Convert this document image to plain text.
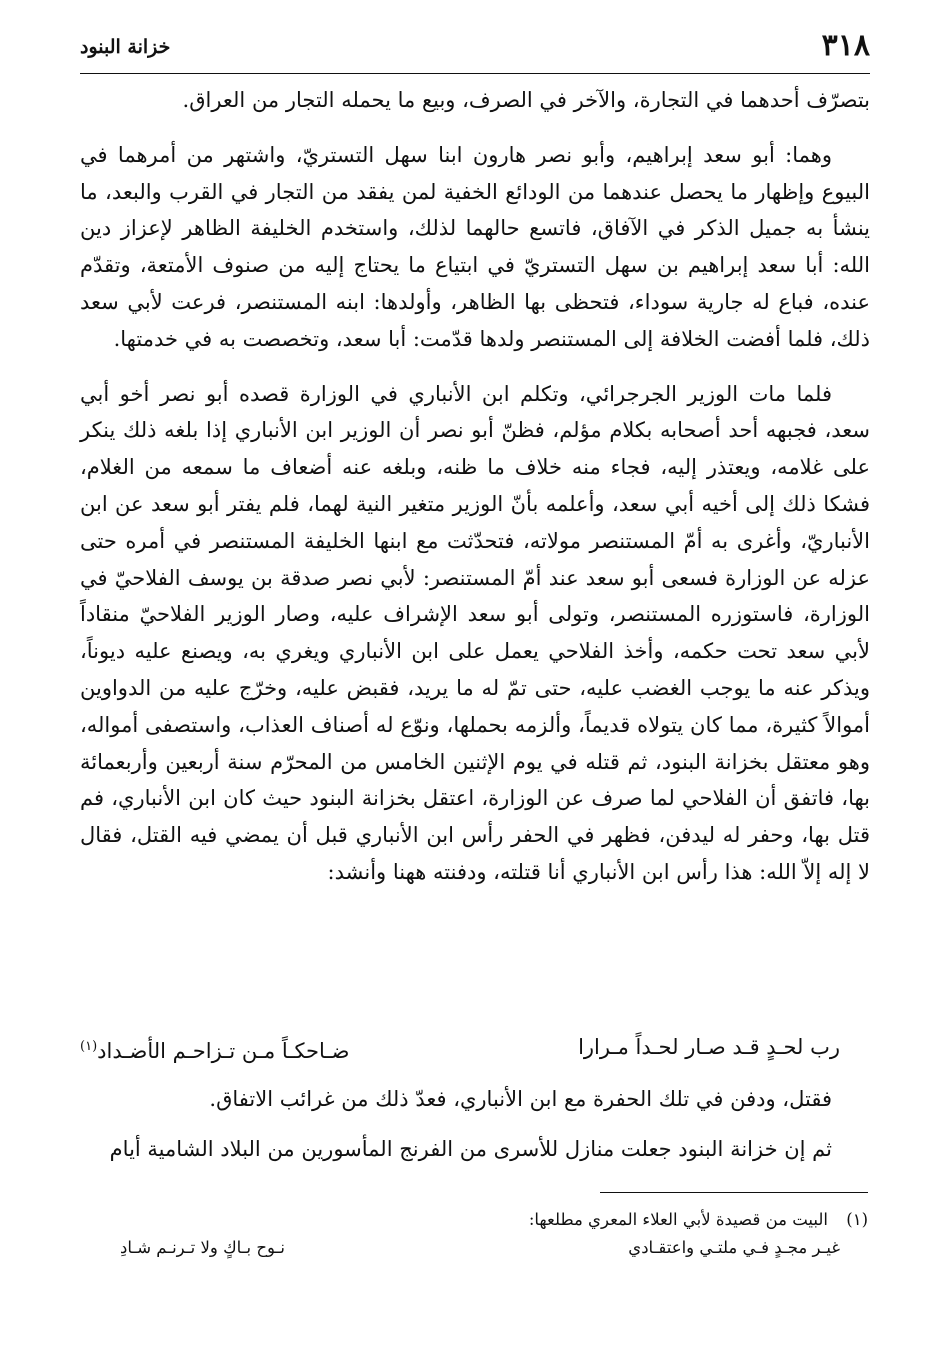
٣١٨
خزانة البنود

بتصرّف أحدهما في التجارة، والآخر في الصرف، وبيع ما يحمله التجار من العراق.

وهما: أبو سعد إبراهيم، وأبو نصر هارون ابنا سهل التستريّ، واشتهر من أمرهما في البيوع وإظهار ما يحصل عندهما من الودائع الخفية لمن يفقد من التجار في القرب والبعد، ما ينشأ به جميل الذكر في الآفاق، فاتسع حالهما لذلك، واستخدم الخليفة الظاهر لإعزاز دين الله: أبا سعد إبراهيم بن سهل التستريّ في ابتياع ما يحتاج إليه من صنوف الأمتعة، وتقدّم عنده، فباع له جارية سوداء، فتحظى بها الظاهر، وأولدها: ابنه المستنصر، فرعت لأبي سعد ذلك، فلما أفضت الخلافة إلى المستنصر ولدها قدّمت: أبا سعد، وتخصصت به في خدمتها.

فلما مات الوزير الجرجرائي، وتكلم ابن الأنباري في الوزارة قصده أبو نصر أخو أبي سعد، فجبهه أحد أصحابه بكلام مؤلم، فظنّ أبو نصر أن الوزير ابن الأنباري إذا بلغه ذلك ينكر على غلامه، ويعتذر إليه، فجاء منه خلاف ما ظنه، وبلغه عنه أضعاف ما سمعه من الغلام، فشكا ذلك إلى أخيه أبي سعد، وأعلمه بأنّ الوزير متغير النية لهما، فلم يفتر أبو سعد عن ابن الأنباريّ، وأغرى به أمّ المستنصر مولاته، فتحدّثت مع ابنها الخليفة المستنصر في أمره حتى عزله عن الوزارة فسعى أبو سعد عند أمّ المستنصر: لأبي نصر صدقة بن يوسف الفلاحيّ في الوزارة، فاستوزره المستنصر، وتولى أبو سعد الإشراف عليه، وصار الوزير الفلاحيّ منقاداً لأبي سعد تحت حكمه، وأخذ الفلاحي يعمل على ابن الأنباري ويغري به، ويصنع عليه ديوناً، ويذكر عنه ما يوجب الغضب عليه، حتى تمّ له ما يريد، فقبض عليه، وخرّج عليه من الدواوين أموالاً كثيرة، مما كان يتولاه قديماً، وألزمه بحملها، ونوّع له أصناف العذاب، واستصفى أمواله، وهو معتقل بخزانة البنود، ثم قتله في يوم الإثنين الخامس من المحرّم سنة أربعين وأربعمائة بها، فاتفق أن الفلاحي لما صرف عن الوزارة، اعتقل بخزانة البنود حيث كان ابن الأنباري، فم قتل بها، وحفر له ليدفن، فظهر في الحفر رأس ابن الأنباري قبل أن يمضي فيه القتل، فقال لا إله إلاّ الله: هذا رأس ابن الأنباري أنا قتلته، ودفنته ههنا وأنشد:

رب لحـدٍ قـد صـار لحـداً مـرارا
ضـاحكـاً مـن تـزاحـم الأضـداد$^{(١)}$

فقتل، ودفن في تلك الحفرة مع ابن الأنباري، فعدّ ذلك من غرائب الاتفاق.

ثم إن خزانة البنود جعلت منازل للأسرى من الفرنج المأسورين من البلاد الشامية أيام

(١)
البيت من قصيدة لأبي العلاء المعري مطلعها:
غيـر مجـدٍ فـي ملتـي واعتقـادي
نـوح بـاكٍ ولا تـرنـم شـادِ
